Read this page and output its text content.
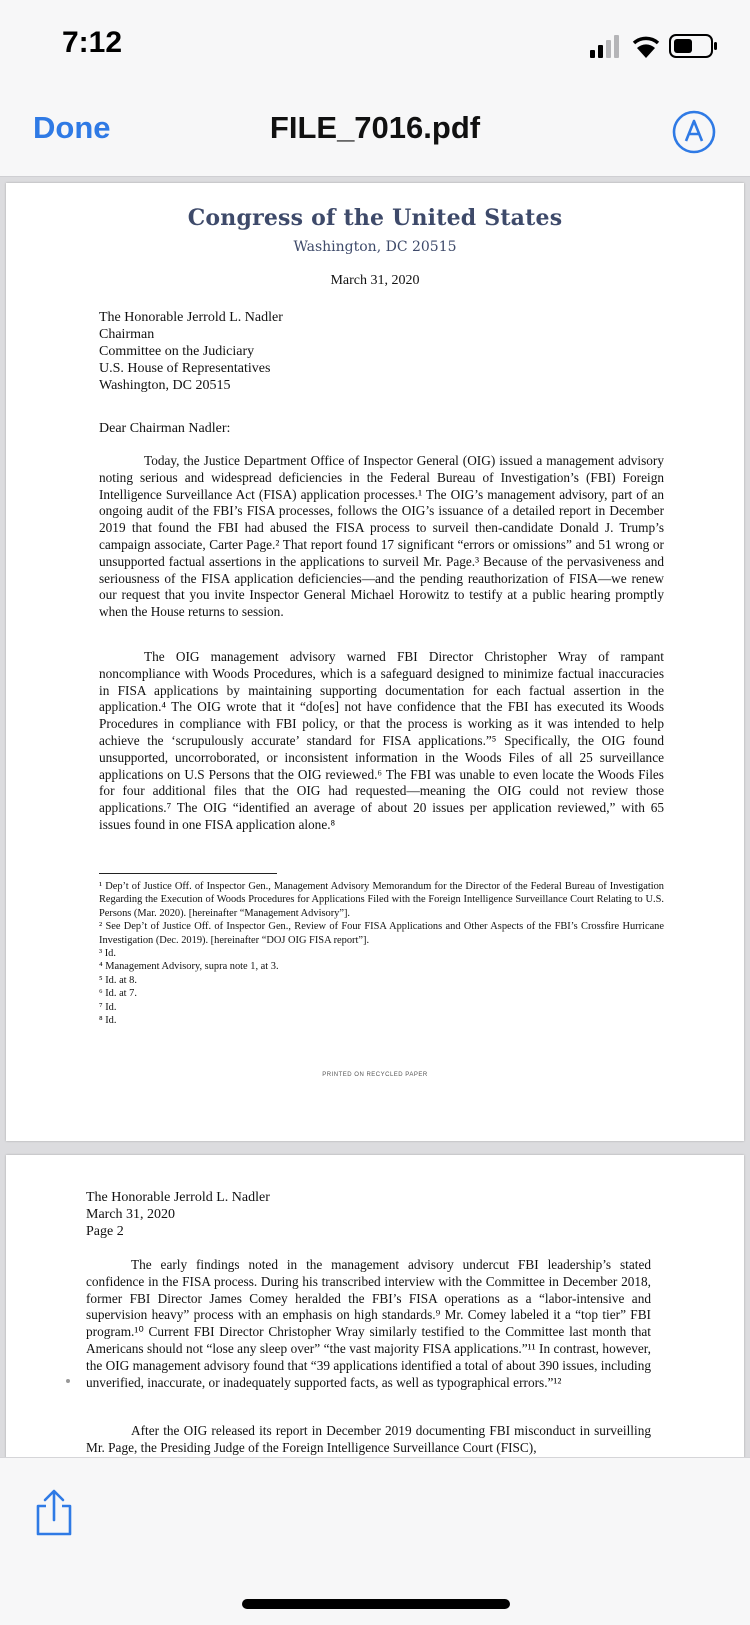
7:12
Done	FILE_7016.pdf
Congress of the United States
Washington, DC 20515
March 31, 2020
The Honorable Jerrold L. Nadler
Chairman
Committee on the Judiciary
U.S. House of Representatives
Washington, DC 20515
Dear Chairman Nadler:

Today, the Justice Department Office of Inspector General (OIG) issued a management advisory noting serious and widespread deficiencies in the Federal Bureau of Investigation’s (FBI) Foreign Intelligence Surveillance Act (FISA) application processes.¹ The OIG’s management advisory, part of an ongoing audit of the FBI’s FISA processes, follows the OIG’s issuance of a detailed report in December 2019 that found the FBI had abused the FISA process to surveil then-candidate Donald J. Trump’s campaign associate, Carter Page.² That report found 17 significant “errors or omissions” and 51 wrong or unsupported factual assertions in the applications to surveil Mr. Page.³ Because of the pervasiveness and seriousness of the FISA application deficiencies—and the pending reauthorization of FISA—we renew our request that you invite Inspector General Michael Horowitz to testify at a public hearing promptly when the House returns to session.

The OIG management advisory warned FBI Director Christopher Wray of rampant noncompliance with Woods Procedures, which is a safeguard designed to minimize factual inaccuracies in FISA applications by maintaining supporting documentation for each factual assertion in the application.⁴ The OIG wrote that it “do[es] not have confidence that the FBI has executed its Woods Procedures in compliance with FBI policy, or that the process is working as it was intended to help achieve the ‘scrupulously accurate’ standard for FISA applications.”⁵ Specifically, the OIG found unsupported, uncorroborated, or inconsistent information in the Woods Files of all 25 surveillance applications on U.S Persons that the OIG reviewed.⁶ The FBI was unable to even locate the Woods Files for four additional files that the OIG had requested—meaning the OIG could not review those applications.⁷ The OIG “identified an average of about 20 issues per application reviewed,” with 65 issues found in one FISA application alone.⁸

¹ Dep’t of Justice Off. of Inspector Gen., Management Advisory Memorandum for the Director of the Federal Bureau of Investigation Regarding the Execution of Woods Procedures for Applications Filed with the Foreign Intelligence Surveillance Court Relating to U.S. Persons (Mar. 2020). [hereinafter “Management Advisory”].
² See Dep’t of Justice Off. of Inspector Gen., Review of Four FISA Applications and Other Aspects of the FBI’s Crossfire Hurricane Investigation (Dec. 2019). [hereinafter “DOJ OIG FISA report”].
³ Id.
⁴ Management Advisory, supra note 1, at 3.
⁵ Id. at 8.
⁶ Id. at 7.
⁷ Id.
⁸ Id.
PRINTED ON RECYCLED PAPER
The Honorable Jerrold L. Nadler
March 31, 2020
Page 2

The early findings noted in the management advisory undercut FBI leadership’s stated confidence in the FISA process. During his transcribed interview with the Committee in December 2018, former FBI Director James Comey heralded the FBI’s FISA operations as a “labor-intensive and supervision heavy” process with an emphasis on high standards.⁹ Mr. Comey labeled it a “top tier” FBI program.¹⁰ Current FBI Director Christopher Wray similarly testified to the Committee last month that Americans should not “lose any sleep over” “the vast majority FISA applications.”¹¹ In contrast, however, the OIG management advisory found that “39 applications identified a total of about 390 issues, including unverified, inaccurate, or inadequately supported facts, as well as typographical errors.”¹²

After the OIG released its report in December 2019 documenting FBI misconduct in surveilling Mr. Page, the Presiding Judge of the Foreign Intelligence Surveillance Court (FISC),
